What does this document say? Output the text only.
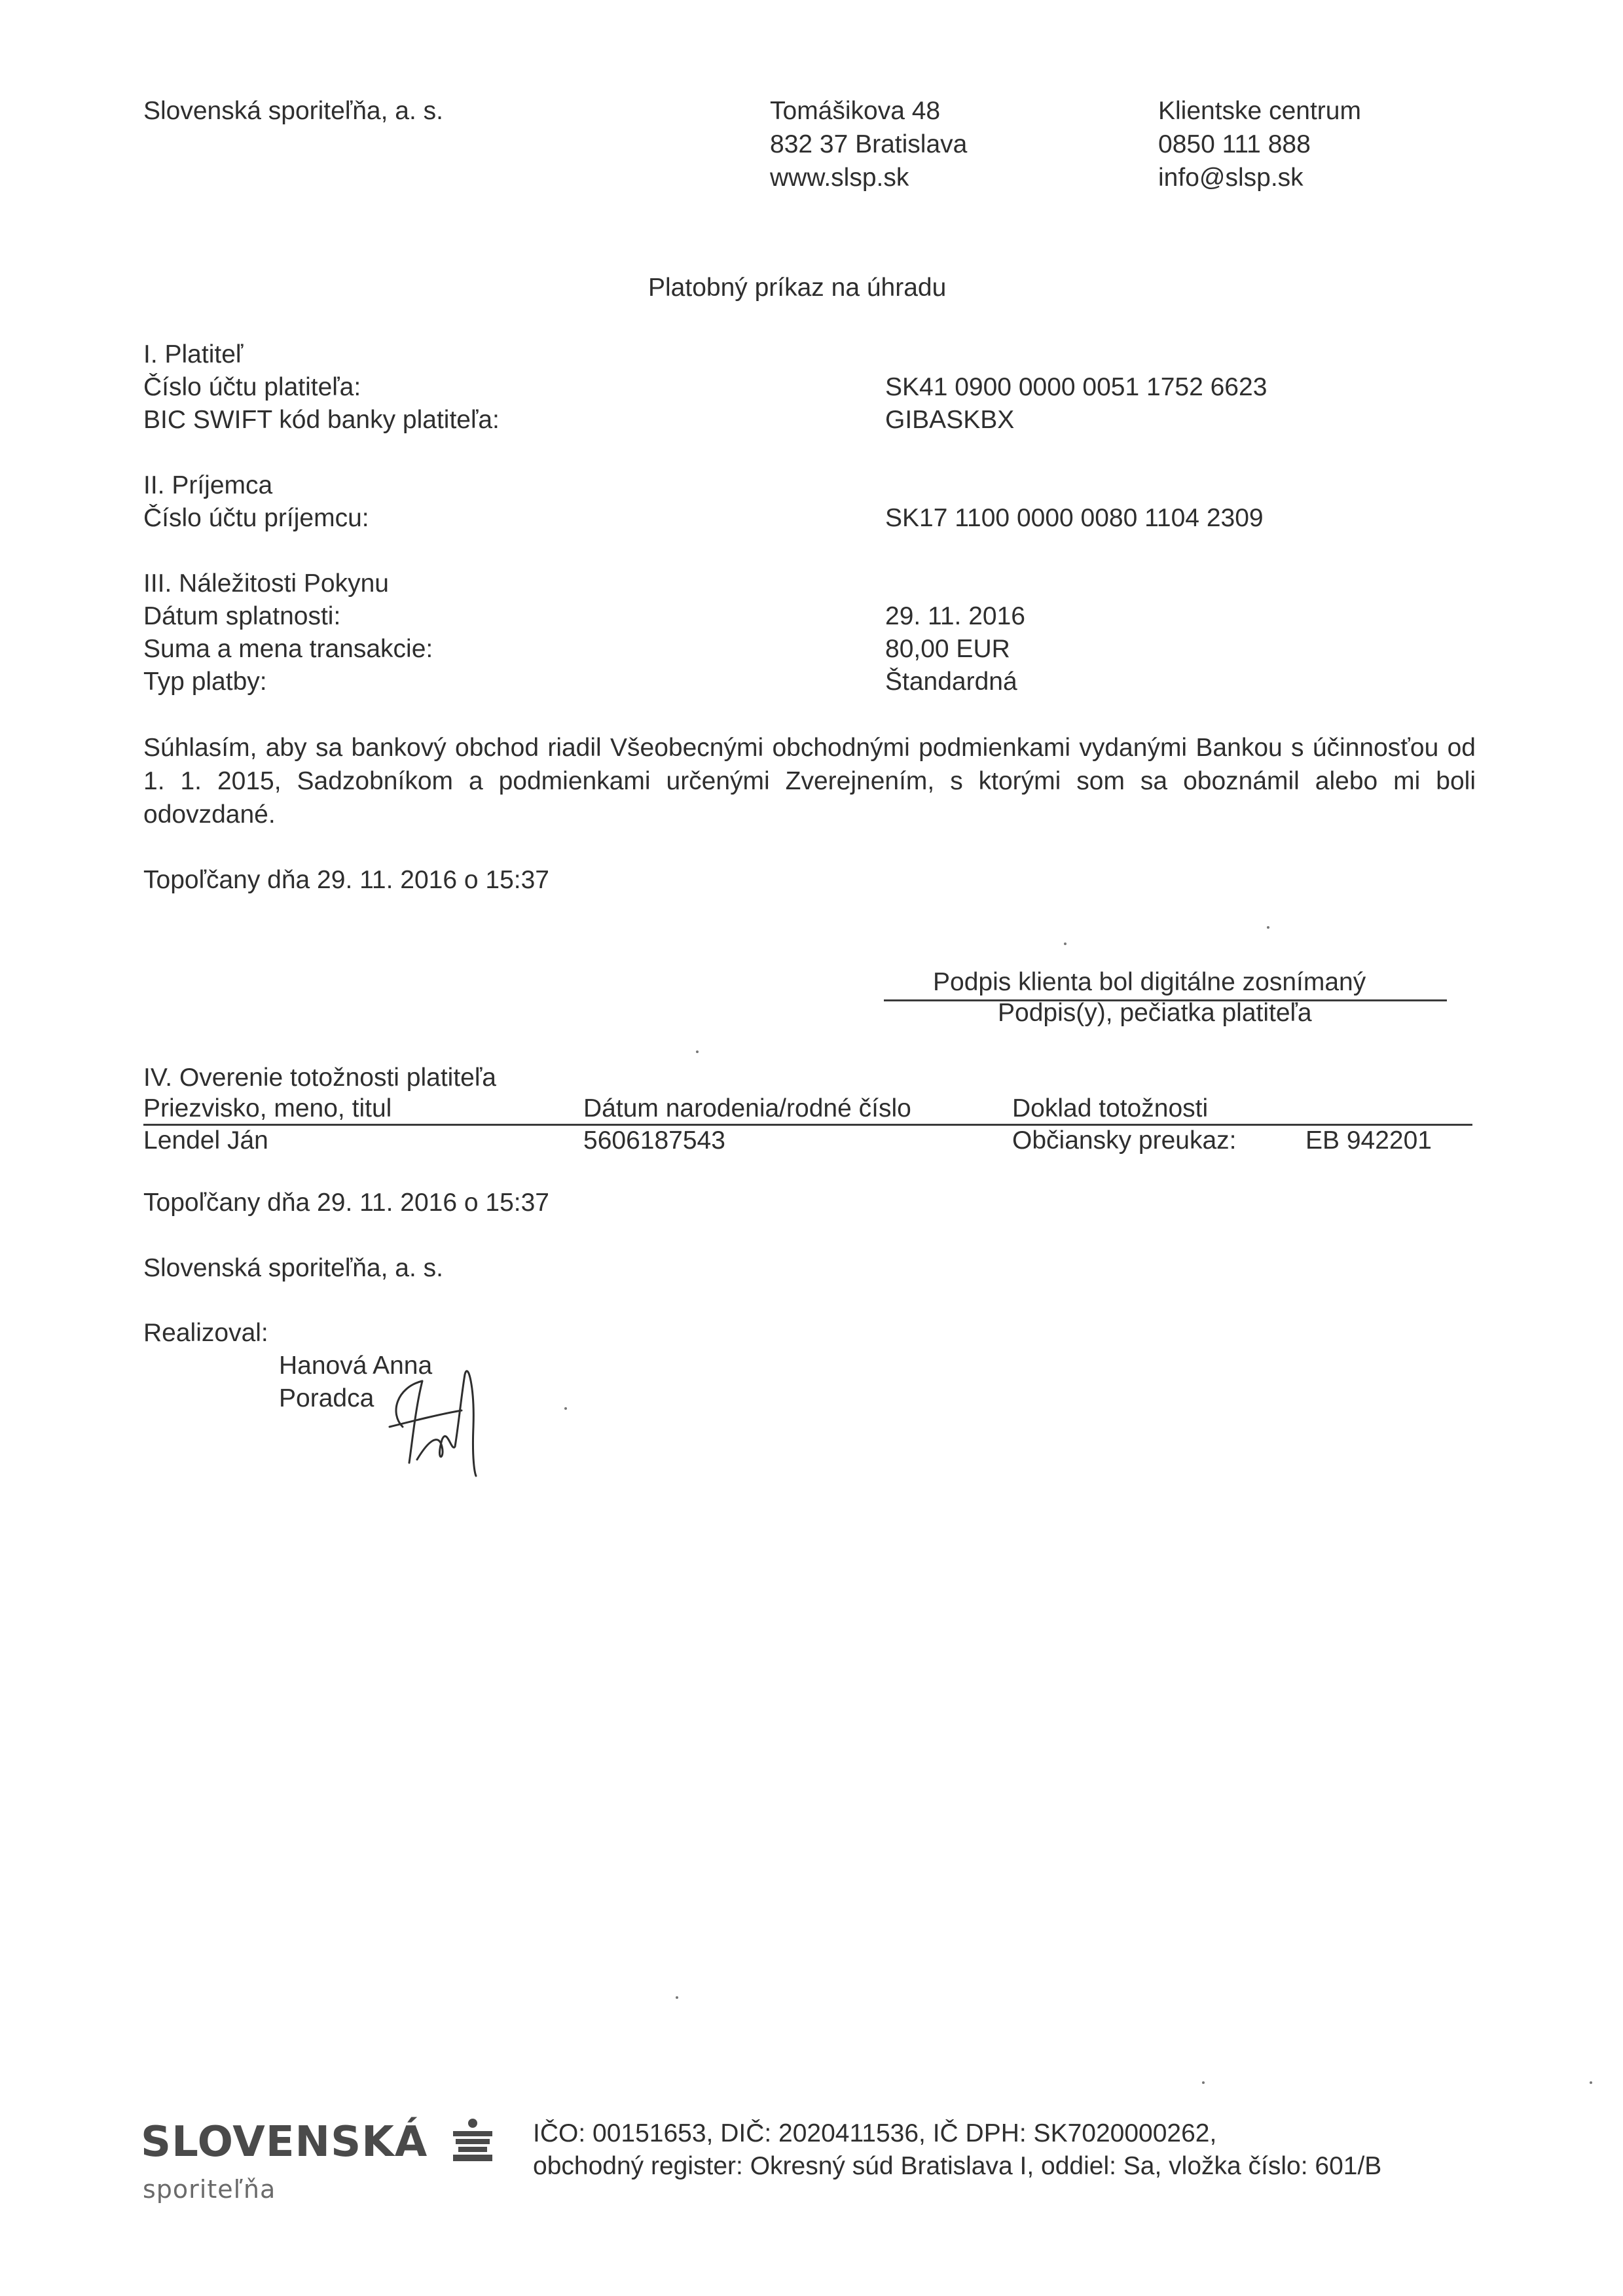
Slovenská sporiteľňa, a. s.	Tomášikova 48
832 37 Bratislava
www.slsp.sk
Klientske centrum
0850 111 888
info@slsp.sk
Platobný príkaz na úhradu
I. Platiteľ
Číslo účtu platiteľa:	SK41 0900 0000 0051 1752 6623
BIC SWIFT kód banky platiteľa:	GIBASKBX
II. Príjemca
Číslo účtu príjemcu:	SK17 1100 0000 0080 1104 2309
III. Náležitosti Pokynu
Dátum splatnosti:	29. 11. 2016
Suma a mena transakcie:	80,00 EUR
Typ platby:	Štandardná
Súhlasím, aby sa bankový obchod riadil Všeobecnými obchodnými podmienkami vydanými Bankou s účinnosťou od 1. 1. 2015, Sadzobníkom a podmienkami určenými Zverejnením, s ktorými som sa oboznámil alebo mi boli odovzdané.
Topoľčany dňa 29. 11. 2016 o 15:37
Podpis klienta bol digitálne zosnímaný
Podpis(y), pečiatka platiteľa
IV. Overenie totožnosti platiteľa
Priezvisko, meno, titul	Dátum narodenia/rodné číslo	Doklad totožnosti
Lendel Ján	5606187543	Občiansky preukaz:	EB 942201
Topoľčany dňa 29. 11. 2016 o 15:37
Slovenská sporiteľňa, a. s.
Realizoval:
Hanová Anna
Poradca
SLOVENSKÁ
sporiteľňa
IČO: 00151653, DIČ: 2020411536, IČ DPH: SK7020000262,
obchodný register: Okresný súd Bratislava I, oddiel: Sa, vložka číslo: 601/B
